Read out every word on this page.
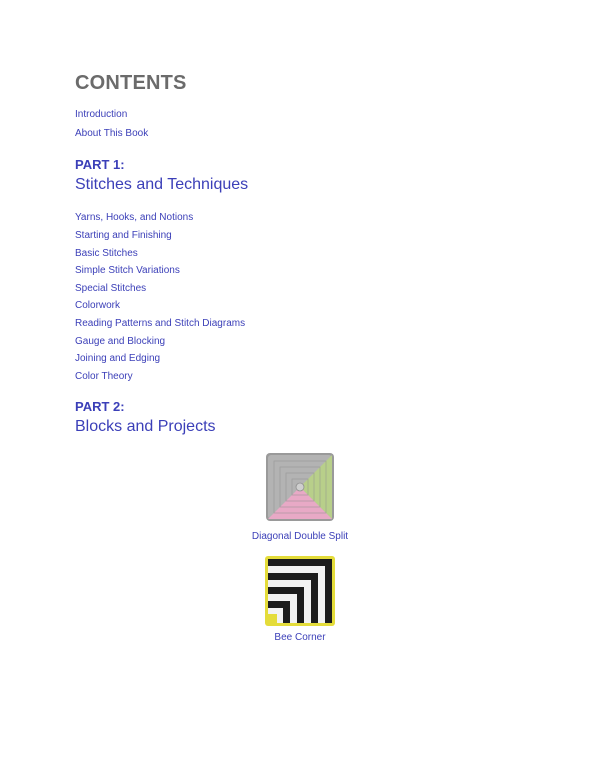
CONTENTS
Introduction
About This Book
PART 1:
Stitches and Techniques
Yarns, Hooks, and Notions
Starting and Finishing
Basic Stitches
Simple Stitch Variations
Special Stitches
Colorwork
Reading Patterns and Stitch Diagrams
Gauge and Blocking
Joining and Edging
Color Theory
PART 2:
Blocks and Projects
Diagonal Double Split
Bee Corner
